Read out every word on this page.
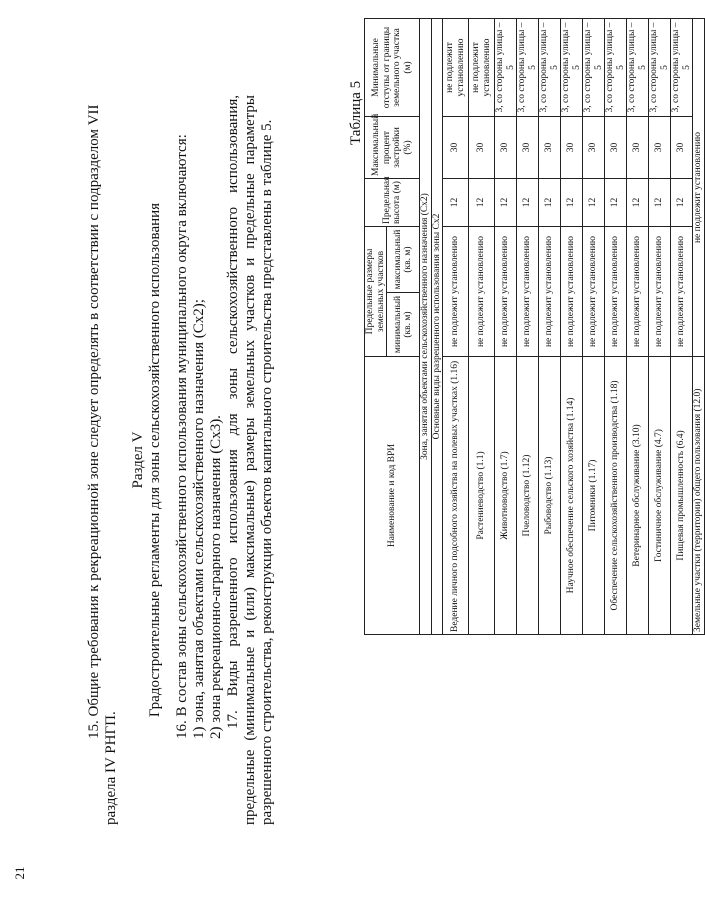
21

15. Общие требования к рекреационной зоне следует определять в соответствии с подразделом VII раздела IV РНГП.

Раздел V Градостроительные регламенты для зоны сельскохозяйственного использования 16. В состав зоны сельскохозяйственного использования муниципального округа включаются: 1) зона, занятая объектами сельскохозяйственного назначения (Сх2); 2) зона рекреационно-аграрного назначения (Сх3). 17. Виды разрешенного использования для зоны сельскохозяйственного использования, предельные (минимальные и (или) максимальные) размеры земельных участков и предельные параметры разрешенного строительства, реконструкции объектов капитального строительства представлены в таблице 5.

Таблица 5
Наименование и код ВРИ	Предельные размеры земельных участков		Предельная высота (м)	Максимальный процент застройки (%)	Минимальные отступы от границы земельного участка (м)
	минимальный (кв. м)	максимальный (кв. м)			
Зона, занятая объектами сельскохозяйственного назначения (Сх2)					
Основные виды разрешенного использования зоны Сх2					
Ведение личного подсобного хозяйства на полевых участках (1.16)	не подлежит установлению		12	30	не подлежит установлению
Растениеводство (1.1)	не подлежит установлению		12	30	не подлежит установлению
Животноводство (1.7)	не подлежит установлению		12	30	3, со стороны улицы – 5
Пчеловодство (1.12)	не подлежит установлению		12	30	3, со стороны улицы – 5
Рыбоводство (1.13)	не подлежит установлению		12	30	3, со стороны улицы – 5
Научное обеспечение сельского хозяйства (1.14)	не подлежит установлению		12	30	3, со стороны улицы – 5
Питомники (1.17)	не подлежит установлению		12	30	3, со стороны улицы – 5
Обеспечение сельскохозяйственного производства (1.18)	не подлежит установлению		12	30	3, со стороны улицы – 5
Ветеринарное обслуживание (3.10)	не подлежит установлению		12	30	3, со стороны улицы – 5
Гостиничное обслуживание (4.7)	не подлежит установлению		12	30	3, со стороны улицы – 5
Пищевая промышленность (6.4)	не подлежит установлению		12	30	3, со стороны улицы – 5
Земельные участки (территории) общего пользования (12.0)	не подлежит установлению				
